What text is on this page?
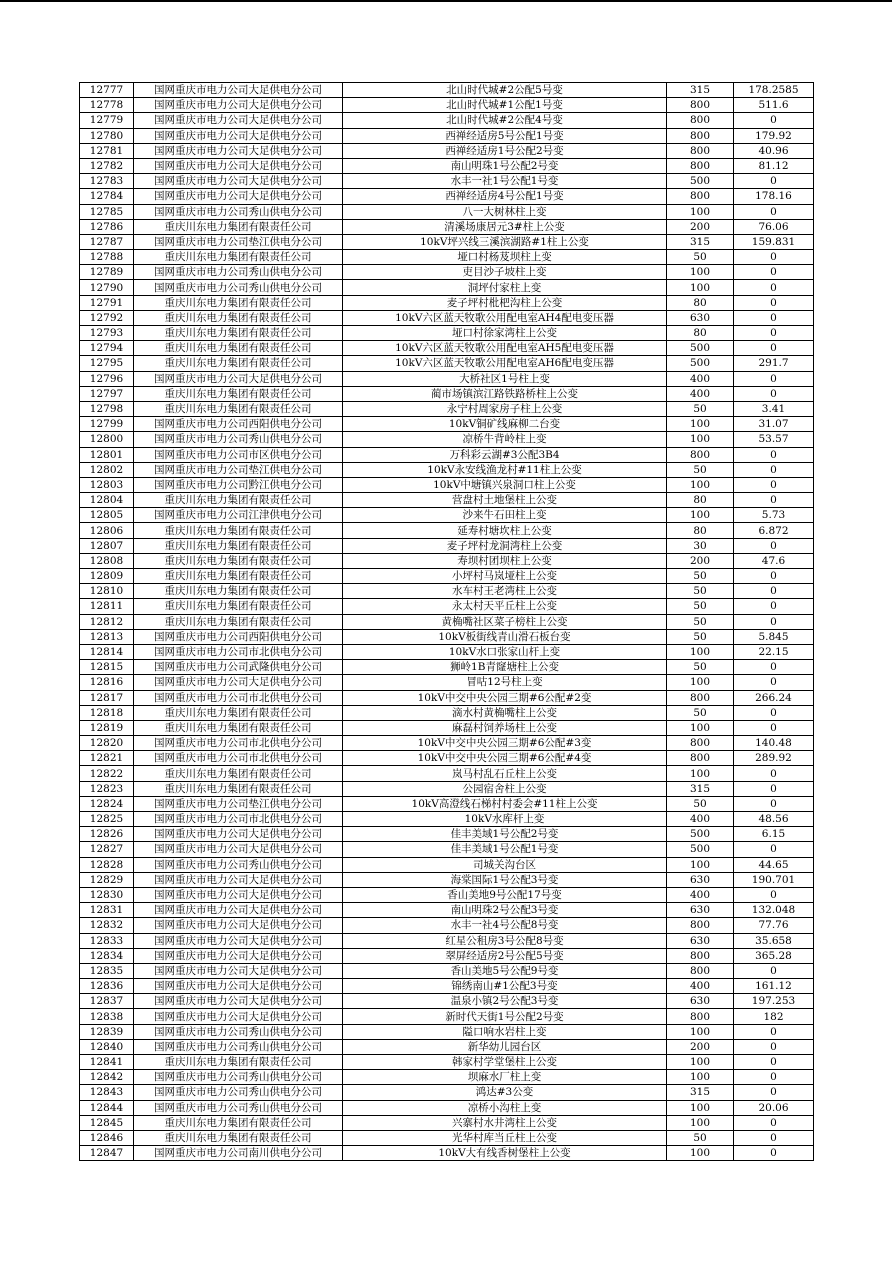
12777	国网重庆市电力公司大足供电分公司	北山时代城#2公配5号变	315	178.2585
12778	国网重庆市电力公司大足供电分公司	北山时代城#1公配1号变	800	511.6
12779	国网重庆市电力公司大足供电分公司	北山时代城#2公配4号变	800	0
12780	国网重庆市电力公司大足供电分公司	西禅经适房5号公配1号变	800	179.92
12781	国网重庆市电力公司大足供电分公司	西禅经适房1号公配2号变	800	40.96
12782	国网重庆市电力公司大足供电分公司	南山明珠1号公配2号变	800	81.12
12783	国网重庆市电力公司大足供电分公司	水丰一社1号公配1号变	500	0
12784	国网重庆市电力公司大足供电分公司	西禅经适房4号公配1号变	800	178.16
12785	国网重庆市电力公司秀山供电分公司	八一大树林柱上变	100	0
12786	重庆川东电力集团有限责任公司	清溪场康居元3#柱上公变	200	76.06
12787	国网重庆市电力公司垫江供电分公司	10kV坪兴线三溪滨湖路#1柱上公变	315	159.831
12788	重庆川东电力集团有限责任公司	垭口村杨芨坝柱上变	50	0
12789	国网重庆市电力公司秀山供电分公司	吏目沙子坡柱上变	100	0
12790	国网重庆市电力公司秀山供电分公司	洞坪付家柱上变	100	0
12791	重庆川东电力集团有限责任公司	麦子坪村枇杷沟柱上公变	80	0
12792	重庆川东电力集团有限责任公司	10kV六区蓝天牧歌公用配电室AH4配电变压器	630	0
12793	重庆川东电力集团有限责任公司	垭口村徐家湾柱上公变	80	0
12794	重庆川东电力集团有限责任公司	10kV六区蓝天牧歌公用配电室AH5配电变压器	500	0
12795	重庆川东电力集团有限责任公司	10kV六区蓝天牧歌公用配电室AH6配电变压器	500	291.7
12796	国网重庆市电力公司大足供电分公司	大桥社区1号柱上变	400	0
12797	重庆川东电力集团有限责任公司	蔺市场镇滨江路铁路桥柱上公变	400	0
12798	重庆川东电力集团有限责任公司	永宁村周家房子柱上公变	50	3.41
12799	国网重庆市电力公司西阳供电分公司	10kV铜矿线麻柳二台变	100	31.07
12800	国网重庆市电力公司秀山供电分公司	凉桥牛背岭柱上变	100	53.57
12801	国网重庆市电力公司市区供电分公司	万科彩云湖#3公配3B4	800	0
12802	国网重庆市电力公司垫江供电分公司	10kV永安线渔龙村#11柱上公变	50	0
12803	国网重庆市电力公司黔江供电分公司	10kV中塘镇兴泉洞口柱上公变	100	0
12804	重庆川东电力集团有限责任公司	营盘村土地堡柱上公变	80	0
12805	国网重庆市电力公司江津供电分公司	沙来牛石田柱上变	100	5.73
12806	重庆川东电力集团有限责任公司	延寿村塘坎柱上公变	80	6.872
12807	重庆川东电力集团有限责任公司	麦子坪村龙洞湾柱上公变	30	0
12808	重庆川东电力集团有限责任公司	寿坝村团坝柱上公变	200	47.6
12809	重庆川东电力集团有限责任公司	小坪村马岚垭柱上公变	50	0
12810	重庆川东电力集团有限责任公司	水车村王老湾柱上公变	50	0
12811	重庆川东电力集团有限责任公司	永太村天平丘柱上公变	50	0
12812	重庆川东电力集团有限责任公司	黄桷嘴社区菜子榜柱上公变	50	0
12813	国网重庆市电力公司西阳供电分公司	10kV板街线青山滑石板台变	50	5.845
12814	国网重庆市电力公司市北供电分公司	10kV水口张家山杆上变	100	22.15
12815	国网重庆市电力公司武隆供电分公司	狮岭1B青窿塘柱上公变	50	0
12816	国网重庆市电力公司大足供电分公司	冒咕12号柱上变	100	0
12817	国网重庆市电力公司市北供电分公司	10kV中交中央公园三期#6公配#2变	800	266.24
12818	重庆川东电力集团有限责任公司	滴水村黄桷嘴柱上公变	50	0
12819	重庆川东电力集团有限责任公司	麻磊村饲养场柱上公变	100	0
12820	国网重庆市电力公司市北供电分公司	10kV中交中央公园三期#6公配#3变	800	140.48
12821	国网重庆市电力公司市北供电分公司	10kV中交中央公园三期#6公配#4变	800	289.92
12822	重庆川东电力集团有限责任公司	岚马村乱石丘柱上公变	100	0
12823	重庆川东电力集团有限责任公司	公园宿舍柱上公变	315	0
12824	国网重庆市电力公司垫江供电分公司	10kV高澄线石梯村村委会#11柱上公变	50	0
12825	国网重庆市电力公司市北供电分公司	10kV水库杆上变	400	48.56
12826	国网重庆市电力公司大足供电分公司	佳丰美域1号公配2号变	500	6.15
12827	国网重庆市电力公司大足供电分公司	佳丰美域1号公配1号变	500	0
12828	国网重庆市电力公司秀山供电分公司	司城关沟台区	100	44.65
12829	国网重庆市电力公司大足供电分公司	海棠国际1号公配3号变	630	190.701
12830	国网重庆市电力公司大足供电分公司	香山美地9号公配17号变	400	0
12831	国网重庆市电力公司大足供电分公司	南山明珠2号公配3号变	630	132.048
12832	国网重庆市电力公司大足供电分公司	水丰一社4号公配8号变	800	77.76
12833	国网重庆市电力公司大足供电分公司	红星公租房3号公配8号变	630	35.658
12834	国网重庆市电力公司大足供电分公司	翠屏经适房2号公配5号变	800	365.28
12835	国网重庆市电力公司大足供电分公司	香山美地5号公配9号变	800	0
12836	国网重庆市电力公司大足供电分公司	锦绣南山#1公配3号变	400	161.12
12837	国网重庆市电力公司大足供电分公司	温泉小镇2号公配3号变	630	197.253
12838	国网重庆市电力公司大足供电分公司	新时代天街1号公配2号变	800	182
12839	国网重庆市电力公司秀山供电分公司	隘口响水岩柱上变	100	0
12840	国网重庆市电力公司秀山供电分公司	新华幼儿园台区	200	0
12841	重庆川东电力集团有限责任公司	韩家村学堂堡柱上公变	100	0
12842	国网重庆市电力公司秀山供电分公司	坝麻水厂柱上变	100	0
12843	国网重庆市电力公司秀山供电分公司	鸿达#3公变	315	0
12844	国网重庆市电力公司秀山供电分公司	凉桥小沟柱上变	100	20.06
12845	重庆川东电力集团有限责任公司	兴寨村水井湾柱上公变	100	0
12846	重庆川东电力集团有限责任公司	光华村库当丘柱上公变	50	0
12847	国网重庆市电力公司南川供电分公司	10kV大有线香树堡柱上公变	100	0
